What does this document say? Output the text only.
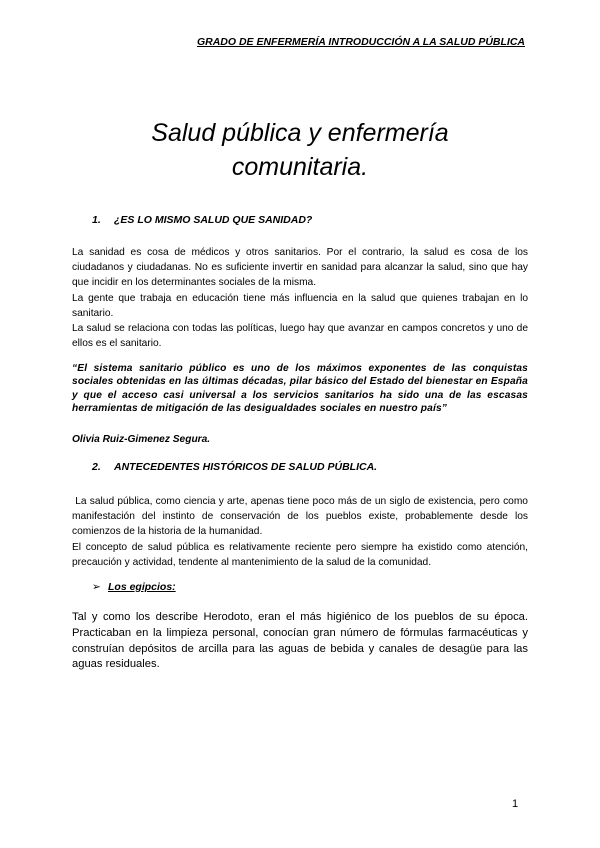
GRADO DE ENFERMERÍA INTRODUCCIÓN A LA SALUD PÚBLICA
Salud pública y enfermería
comunitaria.
1. ¿ES LO MISMO SALUD QUE SANIDAD?

La sanidad es cosa de médicos y otros sanitarios. Por el contrario, la salud es cosa de los ciudadanos y ciudadanas. No es suficiente invertir en sanidad para alcanzar la salud, sino que hay que incidir en los determinantes sociales de la misma.

La gente que trabaja en educación tiene más influencia en la salud que quienes trabajan en lo sanitario.

La salud se relaciona con todas las políticas, luego hay que avanzar en campos concretos y uno de ellos es el sanitario.

“El sistema sanitario público es uno de los máximos exponentes de las conquistas sociales obtenidas en las últimas décadas, pilar básico del Estado del bienestar en España y que el acceso casi universal a los servicios sanitarios ha sido una de las escasas herramientas de mitigación de las desigualdades sociales en nuestro país”
Olivia Ruiz-Gimenez Segura.
2. ANTECEDENTES HISTÓRICOS DE SALUD PÚBLICA.

La salud pública, como ciencia y arte, apenas tiene poco más de un siglo de existencia, pero como manifestación del instinto de conservación de los pueblos existe, probablemente desde los comienzos de la historia de la humanidad.

El concepto de salud pública es relativamente reciente pero siempre ha existido como atención, precaución y actividad, tendente al mantenimiento de la salud de la comunidad.

➢ Los egipcios:
Tal y como los describe Herodoto, eran el más higiénico de los pueblos de su época. Practicaban en la limpieza personal, conocían gran número de fórmulas farmacéuticas y construían depósitos de arcilla para las aguas de bebida y canales de desagüe para las aguas residuales.
1
